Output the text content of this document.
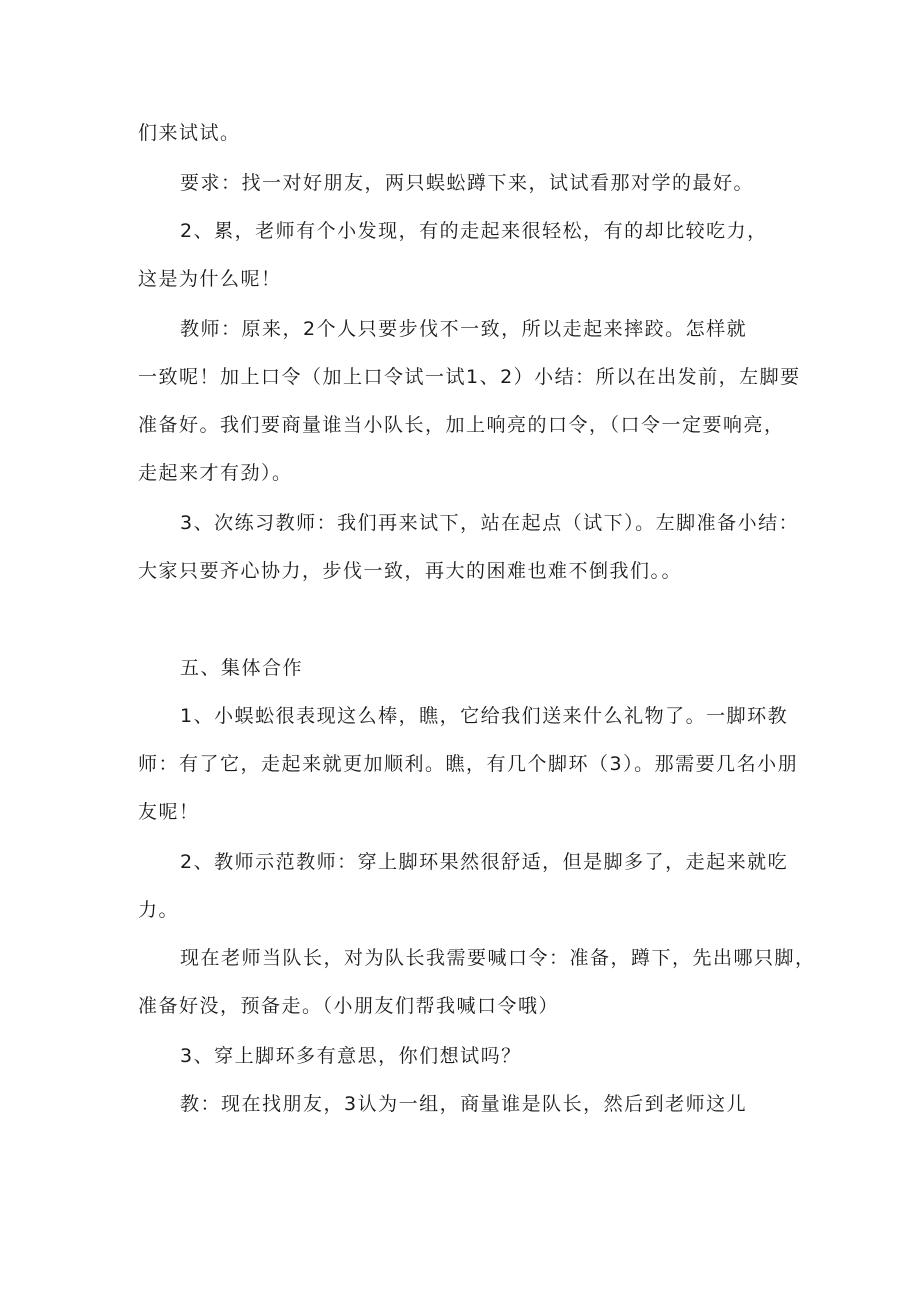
们来试试。
要求：找一对好朋友，两只蜈蚣蹲下来，试试看那对学的最好。
2、累，老师有个小发现，有的走起来很轻松，有的却比较吃力，
这是为什么呢！
教师：原来，2个人只要步伐不一致，所以走起来摔跤。怎样就
一致呢！加上口令（加上口令试一试1、2）小结：所以在出发前，左脚要
准备好。我们要商量谁当小队长，加上响亮的口令，（口令一定要响亮，
走起来才有劲）。
3、次练习教师：我们再来试下，站在起点（试下）。左脚准备小结：
大家只要齐心协力，步伐一致，再大的困难也难不倒我们。。
五、集体合作
1、小蜈蚣很表现这么棒，瞧，它给我们送来什么礼物了。一脚环教
师：有了它，走起来就更加顺利。瞧，有几个脚环（3）。那需要几名小朋
友呢！
2、教师示范教师：穿上脚环果然很舒适，但是脚多了，走起来就吃
力。
现在老师当队长，对为队长我需要喊口令：准备，蹲下，先出哪只脚，
准备好没，预备走。（小朋友们帮我喊口令哦）
3、穿上脚环多有意思，你们想试吗？
教：现在找朋友，3认为一组，商量谁是队长，然后到老师这儿
